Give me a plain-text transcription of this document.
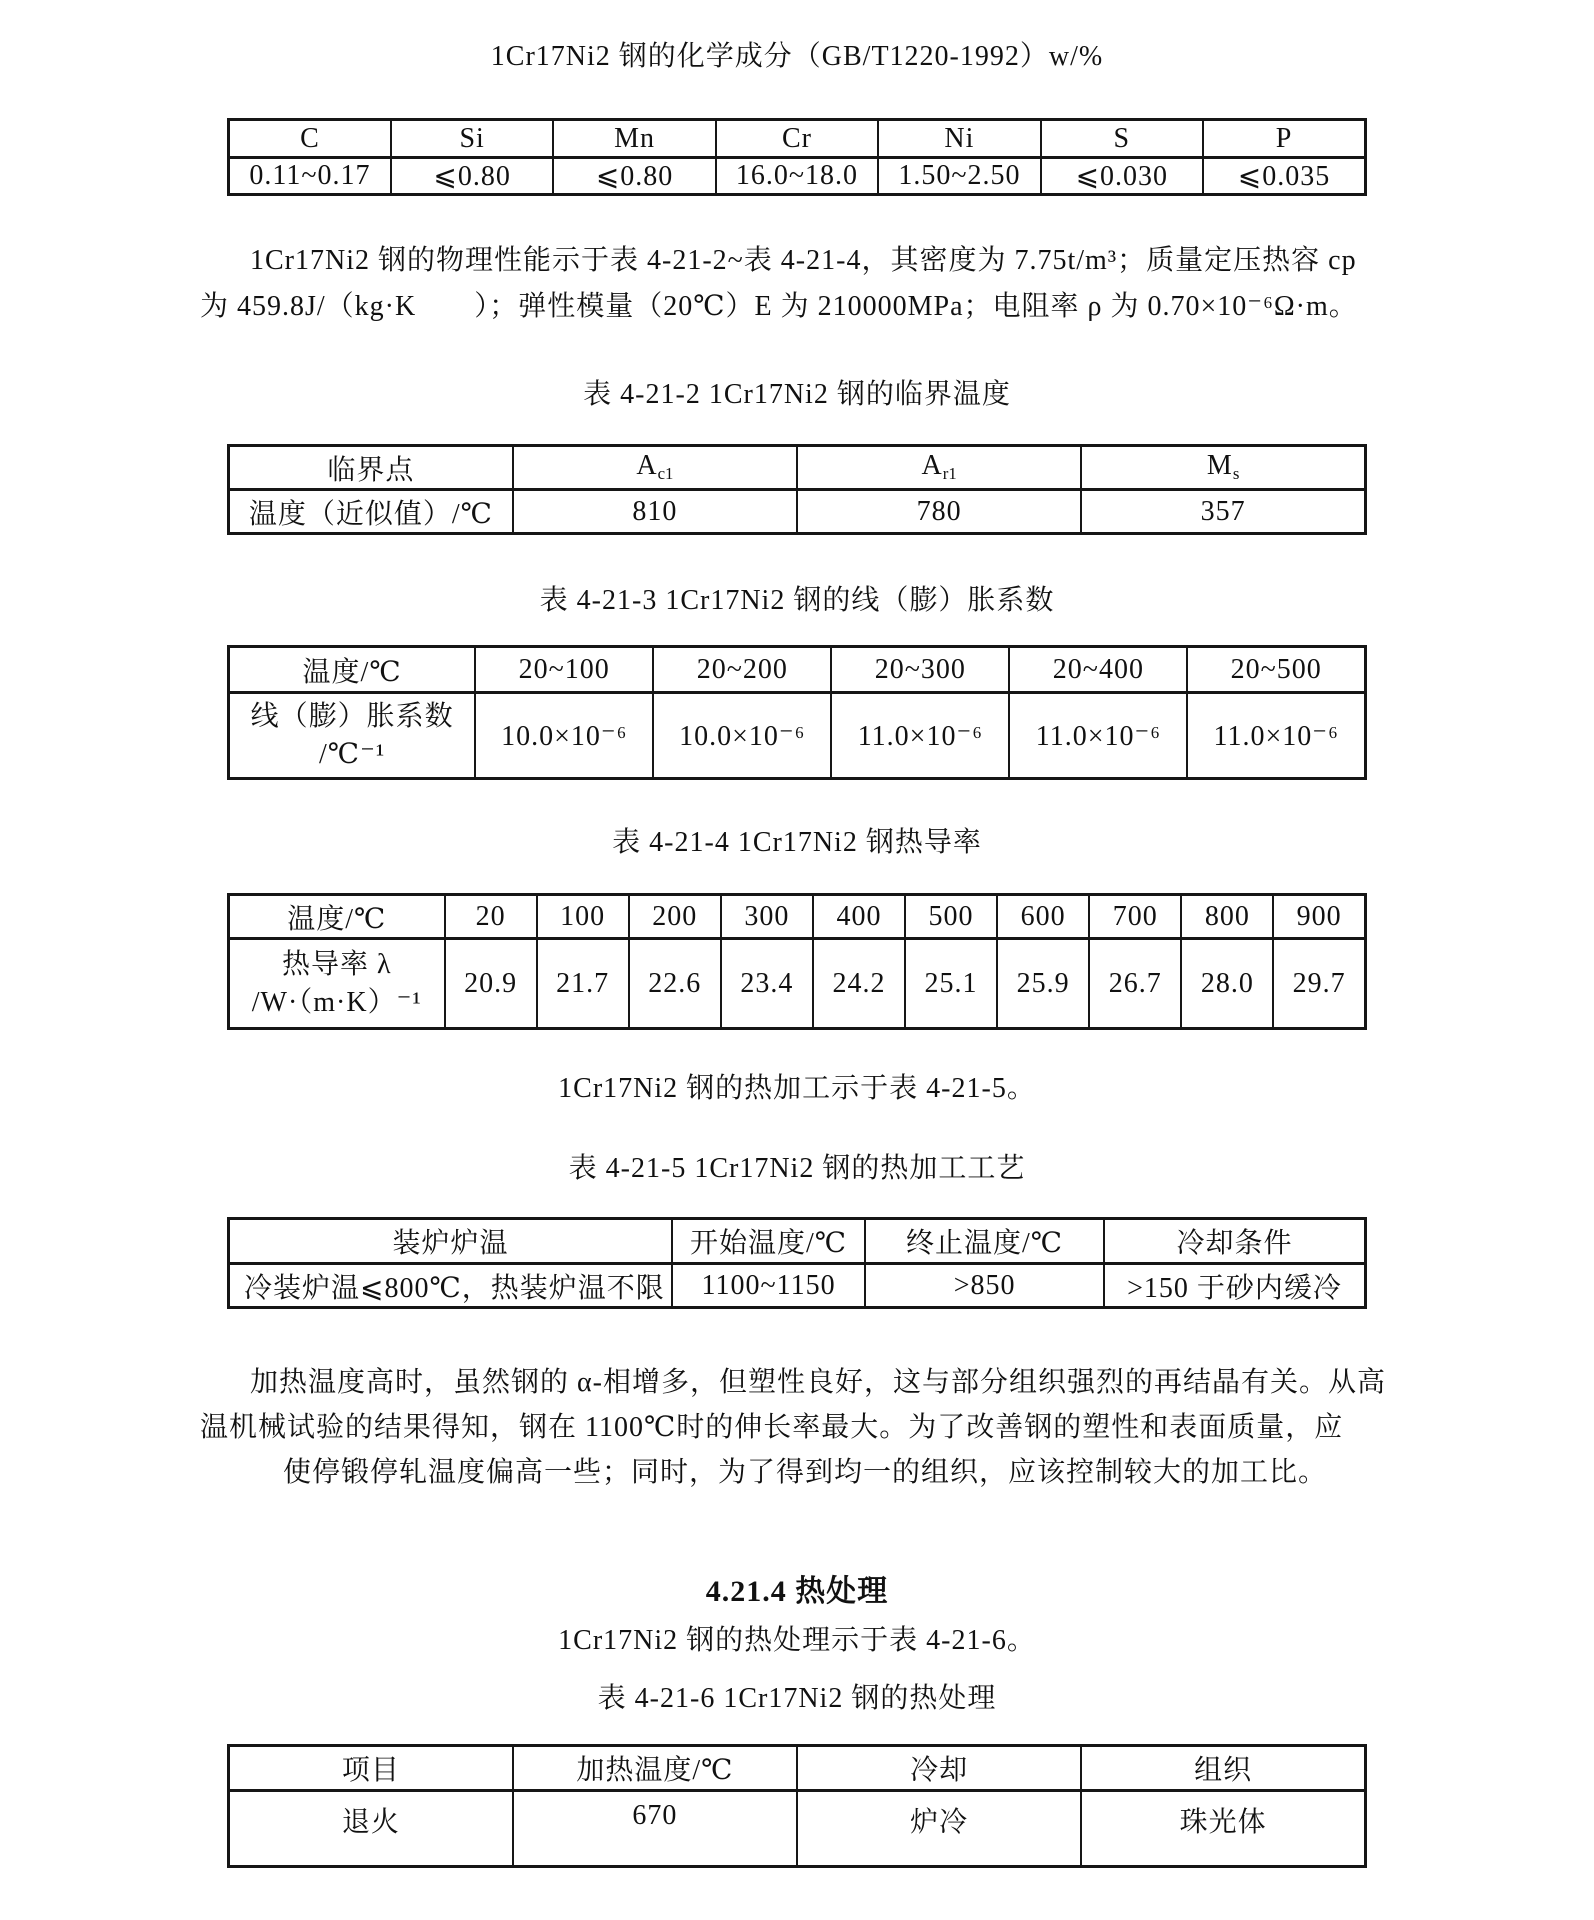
1Cr17Ni2 钢的化学成分（GB/T1220-1992）w/%
C	Si	Mn	Cr	Ni	S	P
0.11~0.17	⩽0.80	⩽0.80	16.0~18.0	1.50~2.50	⩽0.030	⩽0.035
1Cr17Ni2 钢的物理性能示于表 4-21-2~表 4-21-4，其密度为 7.75t/m³；质量定压热容 cp
为 459.8J/（kg·K　　）；弹性模量（20℃）E 为 210000MPa；电阻率 ρ 为 0.70×10⁻⁶Ω·m。
表 4-21-2 1Cr17Ni2 钢的临界温度
临界点	Ac1	Ar1	Ms
温度（近似值）/℃	810	780	357
表 4-21-3 1Cr17Ni2 钢的线（膨）胀系数
温度/℃	20~100	20~200	20~300	20~400	20~500

线（膨）胀系数
/℃⁻¹	10.0×10⁻⁶	10.0×10⁻⁶	11.0×10⁻⁶	11.0×10⁻⁶	11.0×10⁻⁶
表 4-21-4 1Cr17Ni2 钢热导率
温度/℃	20	100	200	300	400	500	600	700	800	900

热导率 λ
/W·（m·K）⁻¹	20.9	21.7	22.6	23.4	24.2	25.1	25.9	26.7	28.0	29.7
1Cr17Ni2 钢的热加工示于表 4-21-5。
表 4-21-5 1Cr17Ni2 钢的热加工工艺
装炉炉温	开始温度/℃	终止温度/℃	冷却条件
冷装炉温⩽800℃，热装炉温不限	1100~1150	>850	>150 于砂内缓冷
加热温度高时，虽然钢的 α-相增多，但塑性良好，这与部分组织强烈的再结晶有关。从高
温机械试验的结果得知，钢在 1100℃时的伸长率最大。为了改善钢的塑性和表面质量，应
使停锻停轧温度偏高一些；同时，为了得到均一的组织，应该控制较大的加工比。
4.21.4 热处理
1Cr17Ni2 钢的热处理示于表 4-21-6。
表 4-21-6 1Cr17Ni2 钢的热处理
项目	加热温度/℃	冷却	组织
退火	670	炉冷	珠光体
